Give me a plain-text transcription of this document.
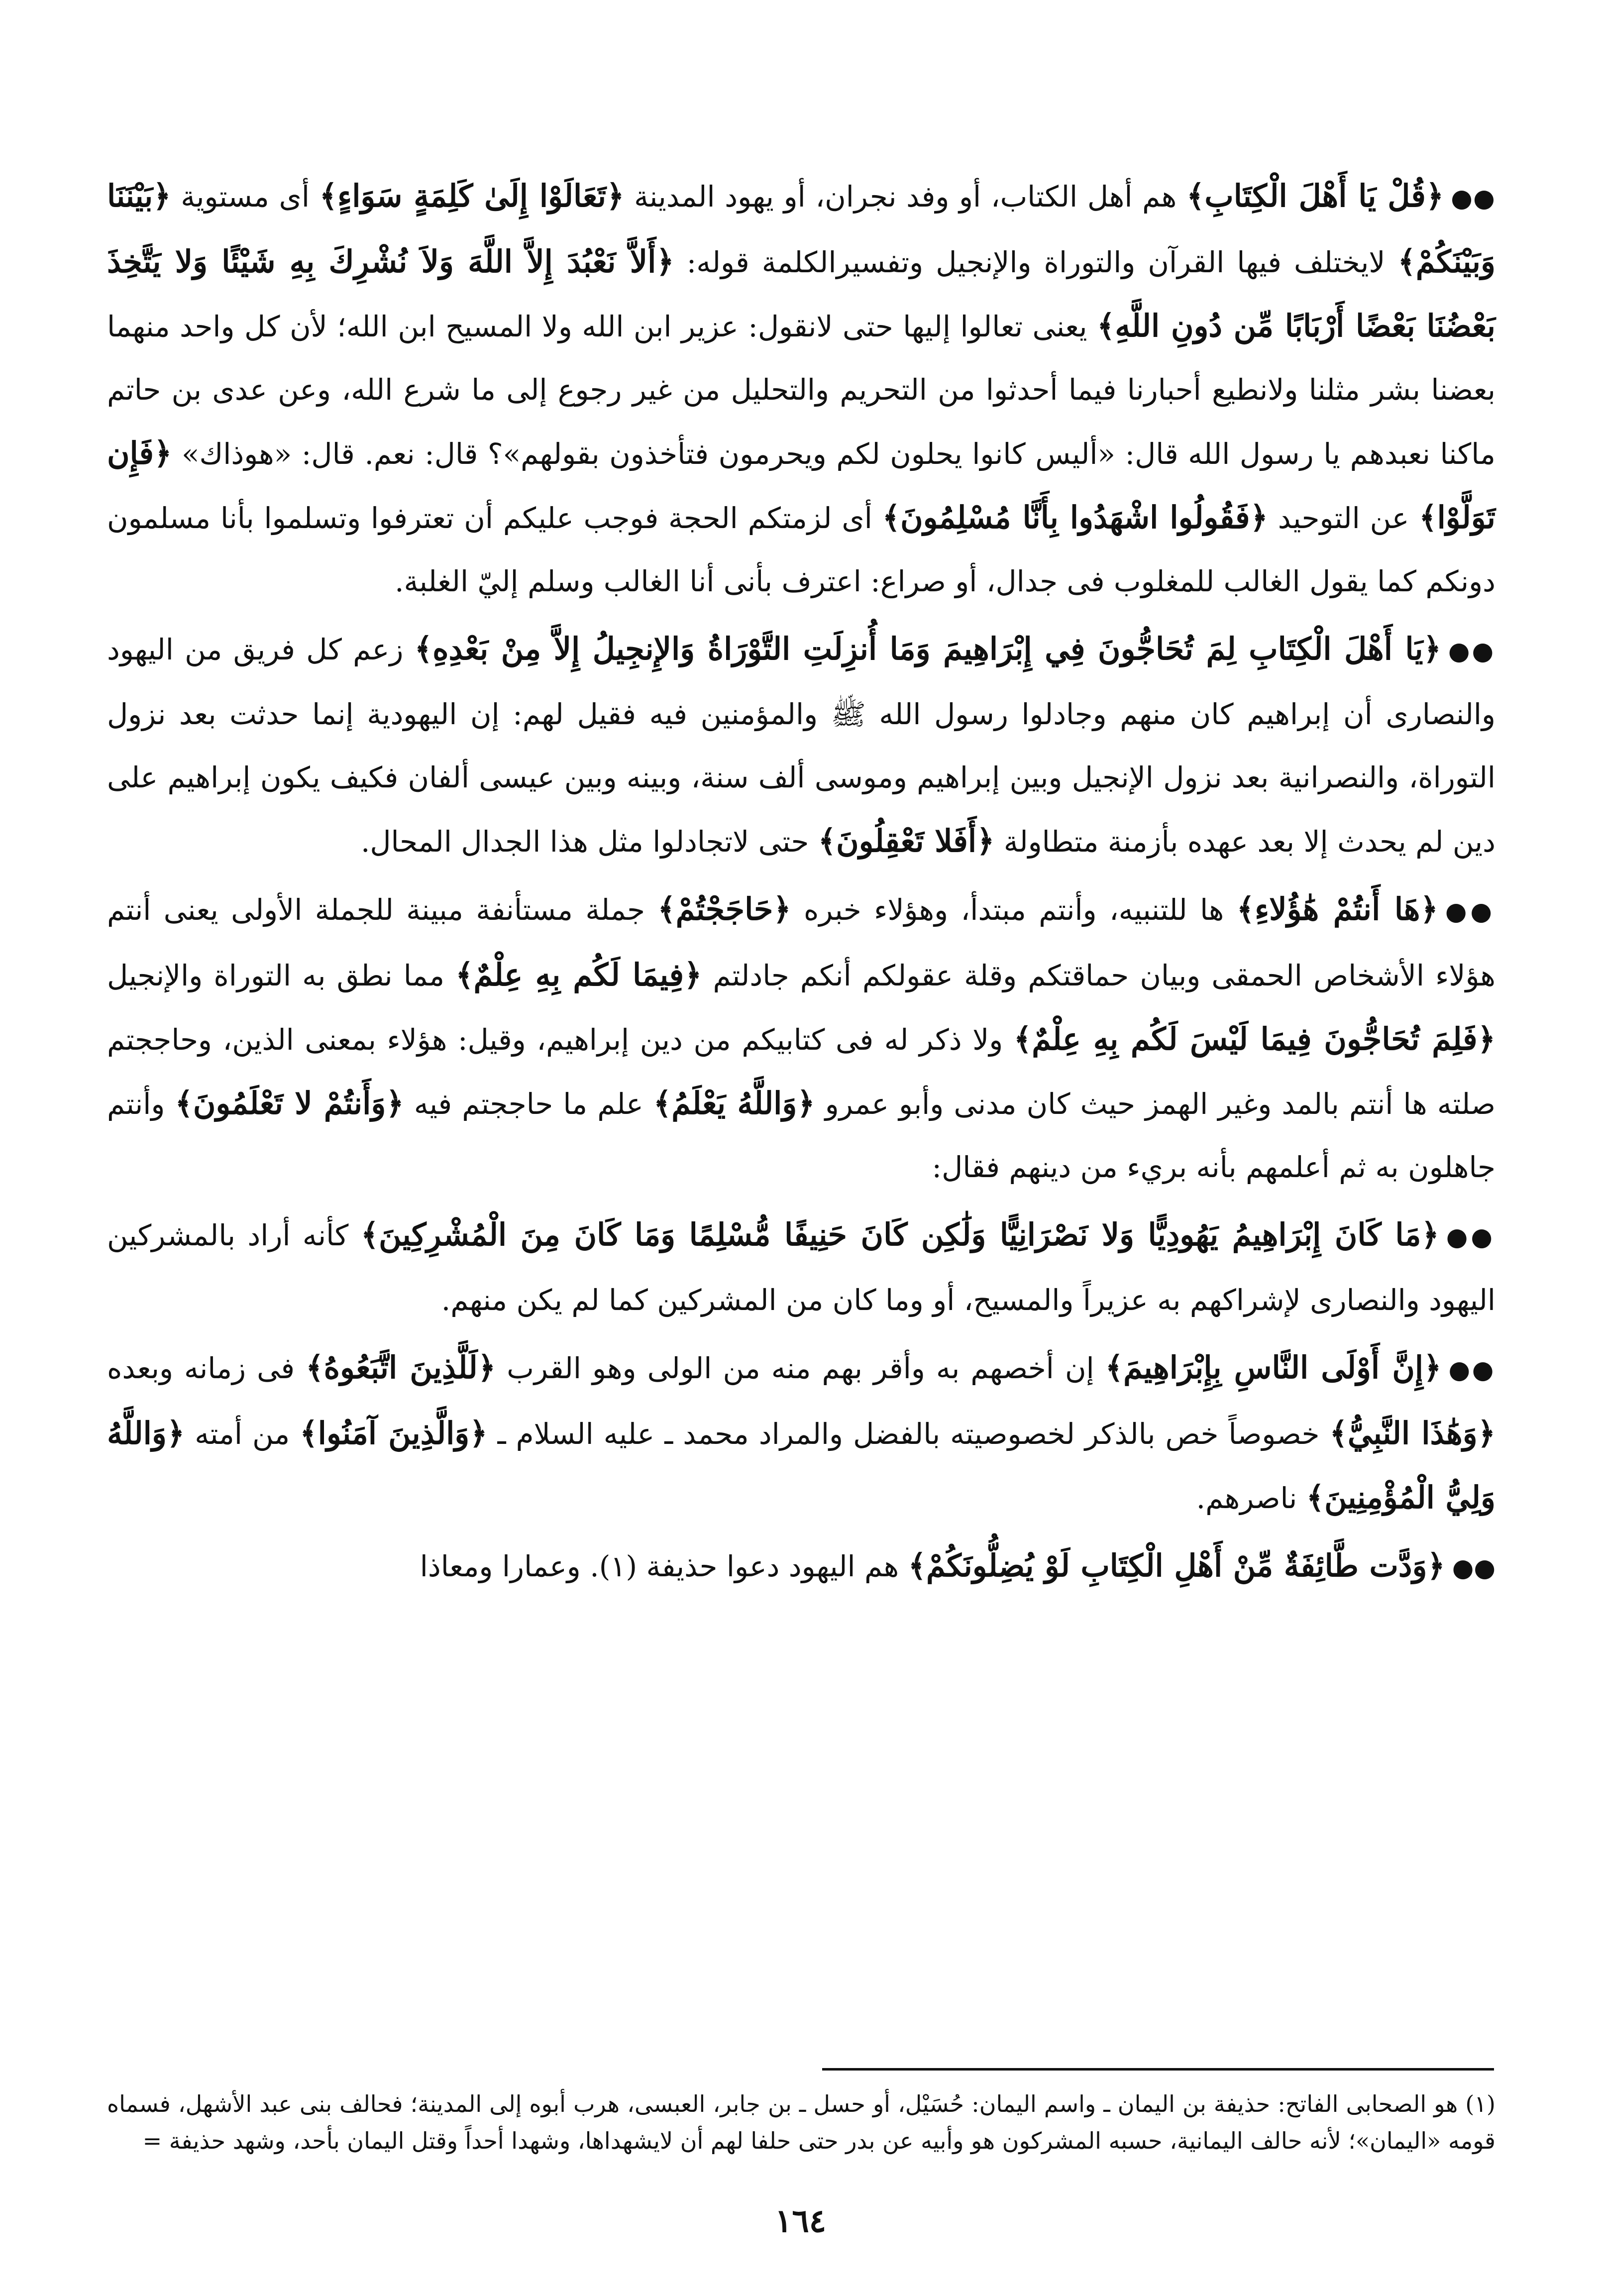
●●﴿ قُلْ يَا أَهْلَ الْكِتَابِ ﴾ هم أهل الكتاب، أو وفد نجران، أو يهود المدينة ﴿ تَعَالَوْا إِلَىٰ كَلِمَةٍ سَوَاءٍ ﴾ أى مستوية ﴿ بَيْنَنَا وَبَيْنَكُمْ ﴾ لايختلف فيها القرآن والتوراة والإنجيل وتفسيرالكلمة قوله: ﴿ أَلاَّ نَعْبُدَ إِلاَّ اللَّهَ وَلاَ نُشْرِكَ بِهِ شَيْئًا وَلا يَتَّخِذَ بَعْضُنَا بَعْضًا أَرْبَابًا مِّن دُونِ اللَّهِ ﴾ يعنى تعالوا إليها حتى لانقول: عزير ابن الله ولا المسيح ابن الله؛ لأن كل واحد منهما بعضنا بشر مثلنا ولانطيع أحبارنا فيما أحدثوا من التحريم والتحليل من غير رجوع إلى ما شرع الله، وعن عدى بن حاتم ماكنا نعبدهم يا رسول الله قال: «أليس كانوا يحلون لكم ويحرمون فتأخذون بقولهم»؟ قال: نعم. قال: «هوذاك» ﴿ فَإِن تَوَلَّوْا ﴾ عن التوحيد ﴿ فَقُولُوا اشْهَدُوا بِأَنَّا مُسْلِمُونَ ﴾ أى لزمتكم الحجة فوجب عليكم أن تعترفوا وتسلموا بأنا مسلمون دونكم كما يقول الغالب للمغلوب فى جدال، أو صراع: اعترف بأنى أنا الغالب وسلم إليّ الغلبة.

●●﴿ يَا أَهْلَ الْكِتَابِ لِمَ تُحَاجُّونَ فِي إِبْرَاهِيمَ وَمَا أُنزِلَتِ التَّوْرَاةُ وَالإِنجِيلُ إِلاَّ مِنْ بَعْدِهِ ﴾ زعم كل فريق من اليهود والنصارى أن إبراهيم كان منهم وجادلوا رسول الله ﷺ والمؤمنين فيه فقيل لهم: إن اليهودية إنما حدثت بعد نزول التوراة، والنصرانية بعد نزول الإنجيل وبين إبراهيم وموسى ألف سنة، وبينه وبين عيسى ألفان فكيف يكون إبراهيم على دين لم يحدث إلا بعد عهده بأزمنة متطاولة ﴿ أَفَلا تَعْقِلُونَ ﴾ حتى لاتجادلوا مثل هذا الجدال المحال.

●●﴿ هَا أَنتُمْ هَٰؤُلاءِ ﴾ ها للتنبيه، وأنتم مبتدأ، وهؤلاء خبره ﴿ حَاجَجْتُمْ ﴾ جملة مستأنفة مبينة للجملة الأولى يعنى أنتم هؤلاء الأشخاص الحمقى وبيان حماقتكم وقلة عقولكم أنكم جادلتم ﴿ فِيمَا لَكُم بِهِ عِلْمٌ ﴾ مما نطق به التوراة والإنجيل ﴿ فَلِمَ تُحَاجُّونَ فِيمَا لَيْسَ لَكُم بِهِ عِلْمٌ ﴾ ولا ذكر له فى كتابيكم من دين إبراهيم، وقيل: هؤلاء بمعنى الذين، وحاججتم صلته ها أنتم بالمد وغير الهمز حيث كان مدنى وأبو عمرو ﴿ وَاللَّهُ يَعْلَمُ ﴾ علم ما حاججتم فيه ﴿ وَأَنتُمْ لا تَعْلَمُونَ ﴾ وأنتم جاهلون به ثم أعلمهم بأنه بريء من دينهم فقال:

●●﴿ مَا كَانَ إِبْرَاهِيمُ يَهُودِيًّا وَلا نَصْرَانِيًّا وَلَٰكِن كَانَ حَنِيفًا مُّسْلِمًا وَمَا كَانَ مِنَ الْمُشْرِكِينَ ﴾ كأنه أراد بالمشركين اليهود والنصارى لإشراكهم به عزيراً والمسيح، أو وما كان من المشركين كما لم يكن منهم.

●●﴿ إِنَّ أَوْلَى النَّاسِ بِإِبْرَاهِيمَ ﴾ إن أخصهم به وأقر بهم منه من الولى وهو القرب ﴿ لَلَّذِينَ اتَّبَعُوهُ ﴾ فى زمانه وبعده ﴿ وَهَٰذَا النَّبِيُّ ﴾ خصوصاً خص بالذكر لخصوصيته بالفضل والمراد محمد ـ عليه السلام ـ ﴿ وَالَّذِينَ آمَنُوا ﴾ من أمته ﴿ وَاللَّهُ وَلِيُّ الْمُؤْمِنِينَ ﴾ ناصرهم.

●●﴿ وَدَّت طَّائِفَةٌ مِّنْ أَهْلِ الْكِتَابِ لَوْ يُضِلُّونَكُمْ ﴾ هم اليهود دعوا حذيفة (١). وعمارا ومعاذا

(١) هو الصحابى الفاتح: حذيفة بن اليمان ـ واسم اليمان: حُسَيْل، أو حسل ـ بن جابر، العبسى، هرب أبوه إلى المدينة؛ فحالف بنى عبد الأشهل، فسماه قومه «اليمان»؛ لأنه حالف اليمانية، حسبه المشركون هو وأبيه عن بدر حتى حلفا لهم أن لايشهداها، وشهدا أحداً وقتل اليمان بأحد، وشهد حذيفة =
١٦٤
